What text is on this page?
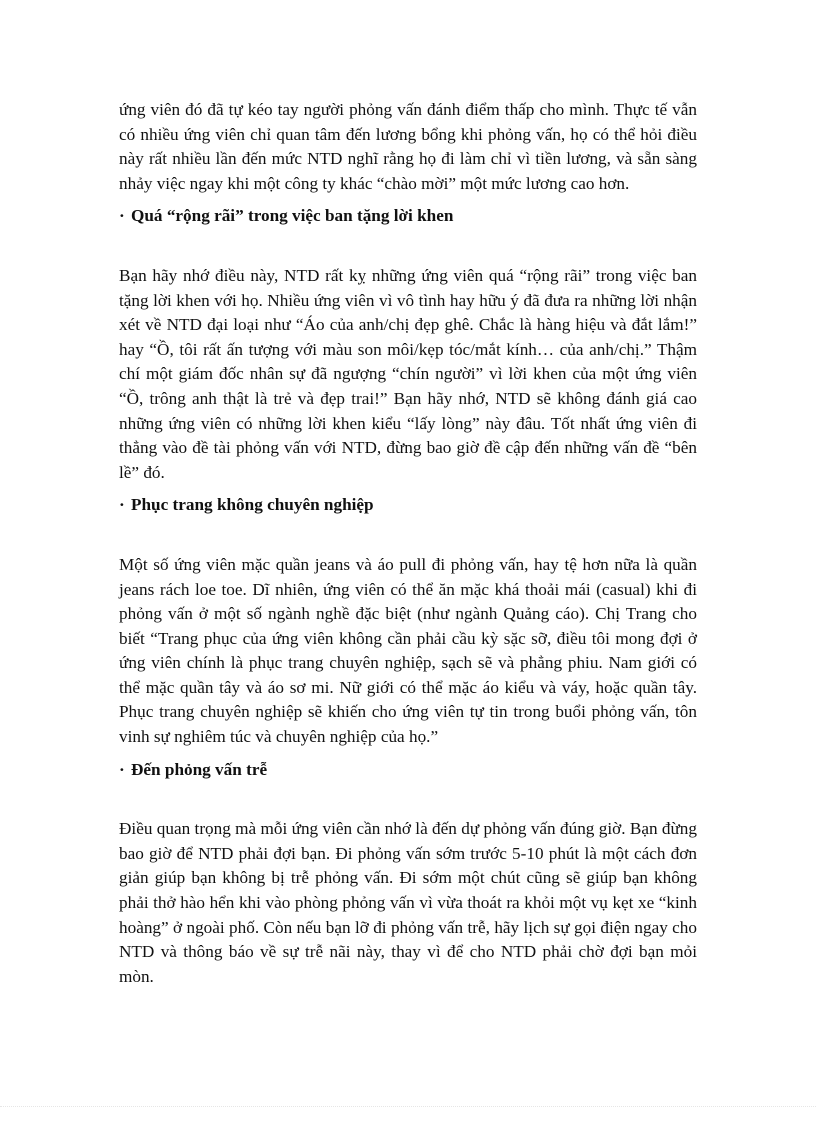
ứng viên đó đã tự kéo tay người phỏng vấn đánh điểm thấp cho mình. Thực tế vẫn có nhiều ứng viên chỉ quan tâm đến lương bổng khi phỏng vấn, họ có thể hỏi điều này rất nhiều lần đến mức NTD nghĩ rằng họ đi làm chỉ vì tiền lương, và sẵn sàng nhảy việc ngay khi một công ty khác “chào mời” một mức lương cao hơn.

· Quá “rộng rãi” trong việc ban tặng lời khen

Bạn hãy nhớ điều này, NTD rất kỵ những ứng viên quá “rộng rãi” trong việc ban tặng lời khen với họ. Nhiều ứng viên vì vô tình hay hữu ý đã đưa ra những lời nhận xét về NTD đại loại như “Áo của anh/chị đẹp ghê. Chắc là hàng hiệu và đắt lắm!” hay “Ồ, tôi rất ấn tượng với màu son môi/kẹp tóc/mắt kính… của anh/chị.” Thậm chí một giám đốc nhân sự đã ngượng “chín người” vì lời khen của một ứng viên “Ồ, trông anh thật là trẻ và đẹp trai!” Bạn hãy nhớ, NTD sẽ không đánh giá cao những ứng viên có những lời khen kiểu “lấy lòng” này đâu. Tốt nhất ứng viên đi thẳng vào đề tài phỏng vấn với NTD, đừng bao giờ đề cập đến những vấn đề “bên lề” đó.

· Phục trang không chuyên nghiệp

Một số ứng viên mặc quần jeans và áo pull đi phỏng vấn, hay tệ hơn nữa là quần jeans rách loe toe. Dĩ nhiên, ứng viên có thể ăn mặc khá thoải mái (casual) khi đi phỏng vấn ở một số ngành nghề đặc biệt (như ngành Quảng cáo). Chị Trang cho biết “Trang phục của ứng viên không cần phải cầu kỳ sặc sỡ, điều tôi mong đợi ở ứng viên chính là phục trang chuyên nghiệp, sạch sẽ và phẳng phiu. Nam giới có thể mặc quần tây và áo sơ mi. Nữ giới có thể mặc áo kiểu và váy, hoặc quần tây. Phục trang chuyên nghiệp sẽ khiến cho ứng viên tự tin trong buổi phỏng vấn, tôn vinh sự nghiêm túc và chuyên nghiệp của họ.”

· Đến phỏng vấn trễ

Điều quan trọng mà mỗi ứng viên cần nhớ là đến dự phỏng vấn đúng giờ. Bạn đừng bao giờ để NTD phải đợi bạn. Đi phỏng vấn sớm trước 5-10 phút là một cách đơn giản giúp bạn không bị trễ phỏng vấn. Đi sớm một chút cũng sẽ giúp bạn không phải thở hào hển khi vào phòng phỏng vấn vì vừa thoát ra khỏi một vụ kẹt xe “kinh hoàng” ở ngoài phố. Còn nếu bạn lỡ đi phỏng vấn trễ, hãy lịch sự gọi điện ngay cho NTD và thông báo về sự trễ nãi này, thay vì để cho NTD phải chờ đợi bạn mỏi mòn.
